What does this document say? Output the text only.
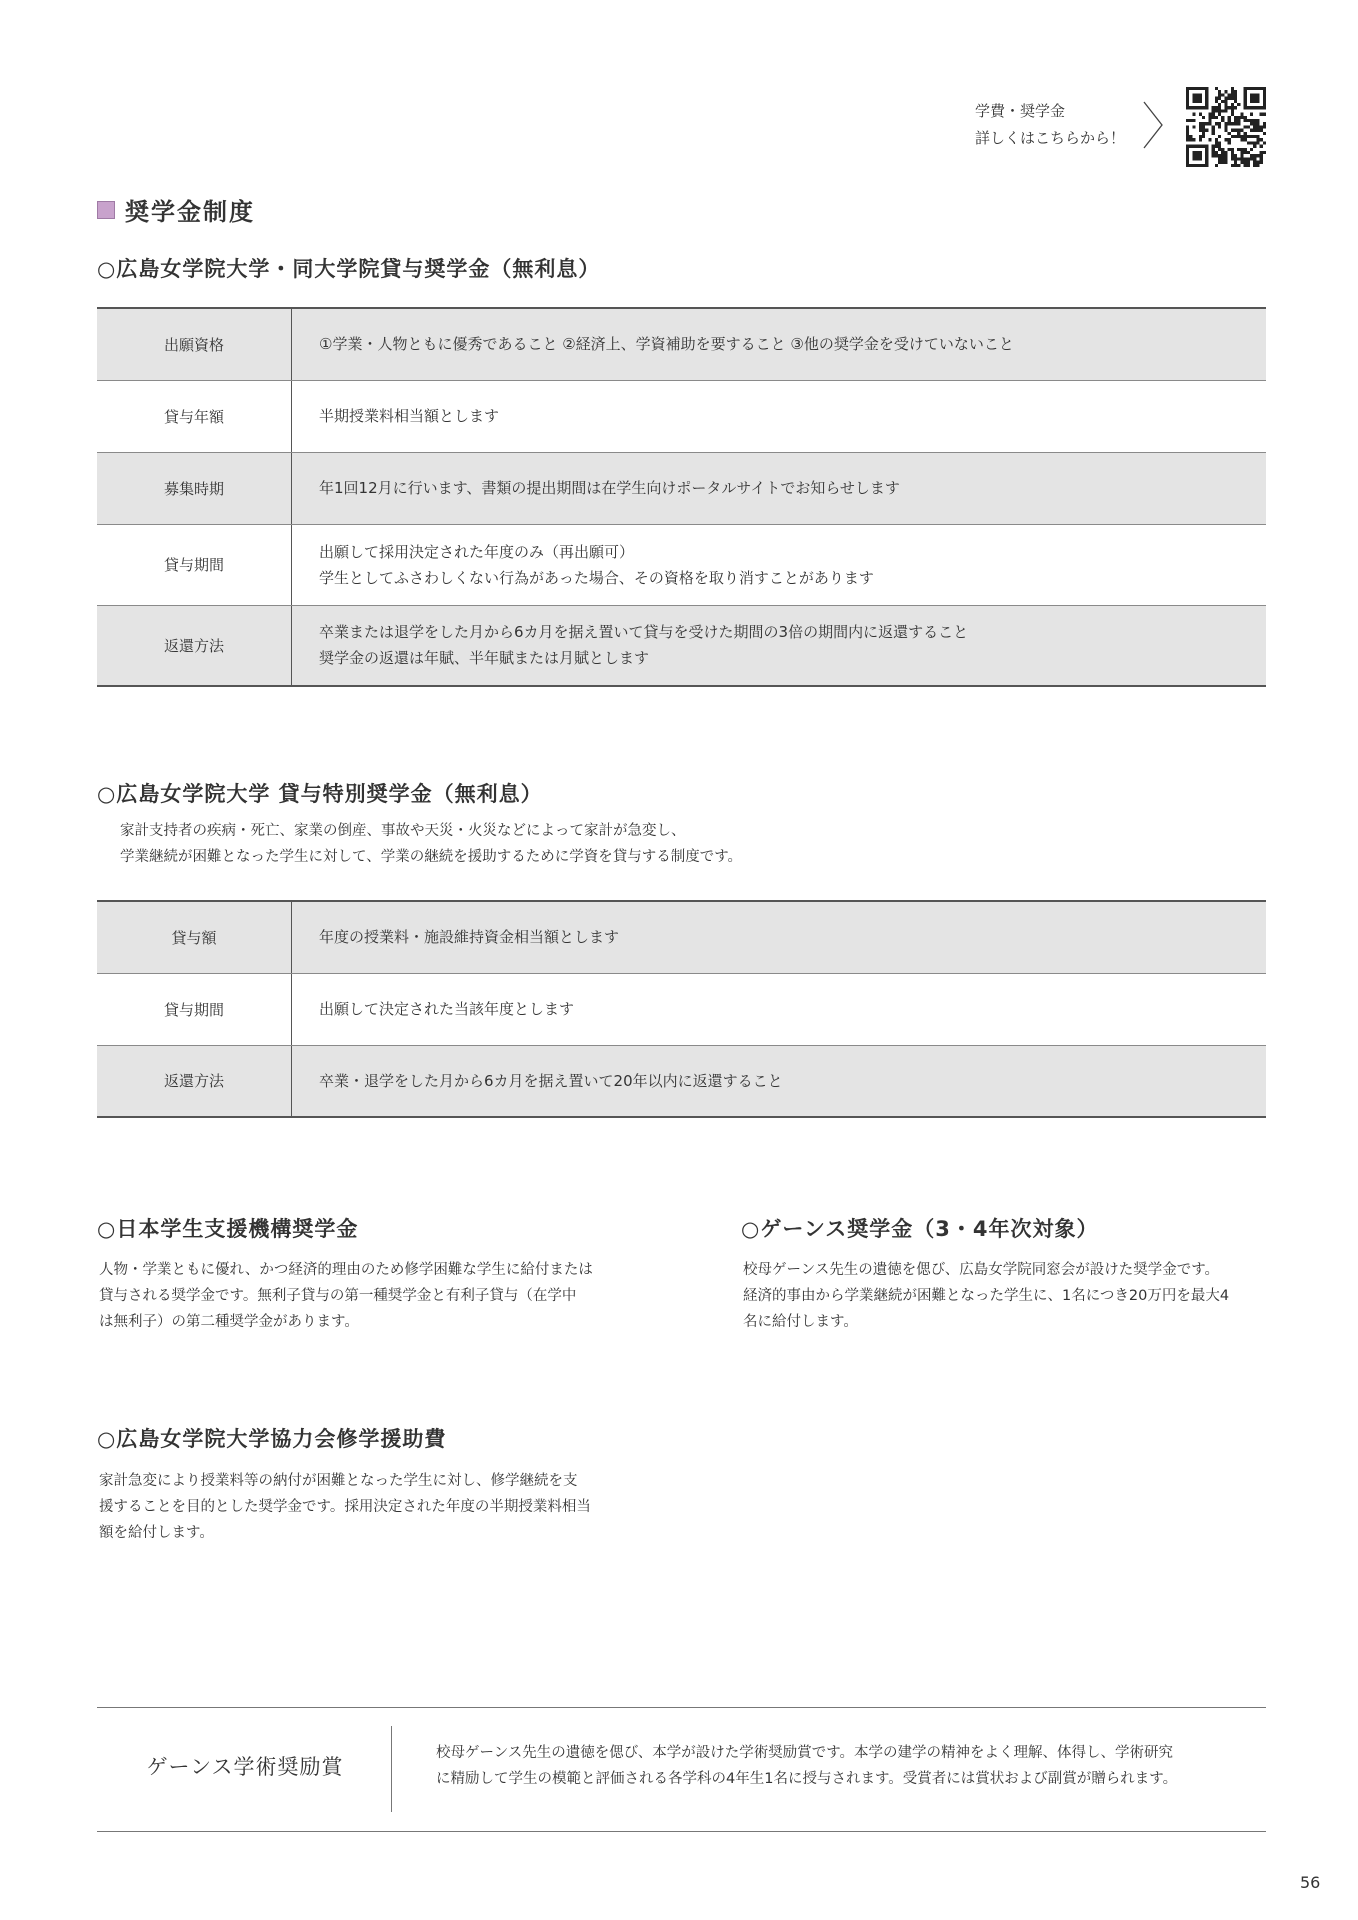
学費・奨学金
詳しくはこちらから！
奨学金制度
○広島女学院大学・同大学院貸与奨学金（無利息）
出願資格	①学業・人物ともに優秀であること ②経済上、学資補助を要すること ③他の奨学金を受けていないこと

貸与年額	半期授業料相当額とします

募集時期	年1回12月に行います、書類の提出期間は在学生向けポータルサイトでお知らせします

貸与期間	出願して採用決定された年度のみ（再出願可）
学生としてふさわしくない行為があった場合、その資格を取り消すことがあります

返還方法	卒業または退学をした月から6カ月を据え置いて貸与を受けた期間の3倍の期間内に返還すること
奨学金の返還は年賦、半年賦または月賦とします
○広島女学院大学 貸与特別奨学金（無利息）
家計支持者の疾病・死亡、家業の倒産、事故や天災・火災などによって家計が急変し、
学業継続が困難となった学生に対して、学業の継続を援助するために学資を貸与する制度です。
貸与額	年度の授業料・施設維持資金相当額とします

貸与期間	出願して決定された当該年度とします

返還方法	卒業・退学をした月から6カ月を据え置いて20年以内に返還すること
○日本学生支援機構奨学金
人物・学業ともに優れ、かつ経済的理由のため修学困難な学生に給付または
貸与される奨学金です。無利子貸与の第一種奨学金と有利子貸与（在学中
は無利子）の第二種奨学金があります。
○ゲーンス奨学金（3・4年次対象）
校母ゲーンス先生の遺徳を偲び、広島女学院同窓会が設けた奨学金です。
経済的事由から学業継続が困難となった学生に、1名につき20万円を最大4
名に給付します。
○広島女学院大学協力会修学援助費
家計急変により授業料等の納付が困難となった学生に対し、修学継続を支
援することを目的とした奨学金です。採用決定された年度の半期授業料相当
額を給付します。
ゲーンス学術奨励賞
校母ゲーンス先生の遺徳を偲び、本学が設けた学術奨励賞です。本学の建学の精神をよく理解、体得し、学術研究
に精励して学生の模範と評価される各学科の4年生1名に授与されます。受賞者には賞状および副賞が贈られます。
56
